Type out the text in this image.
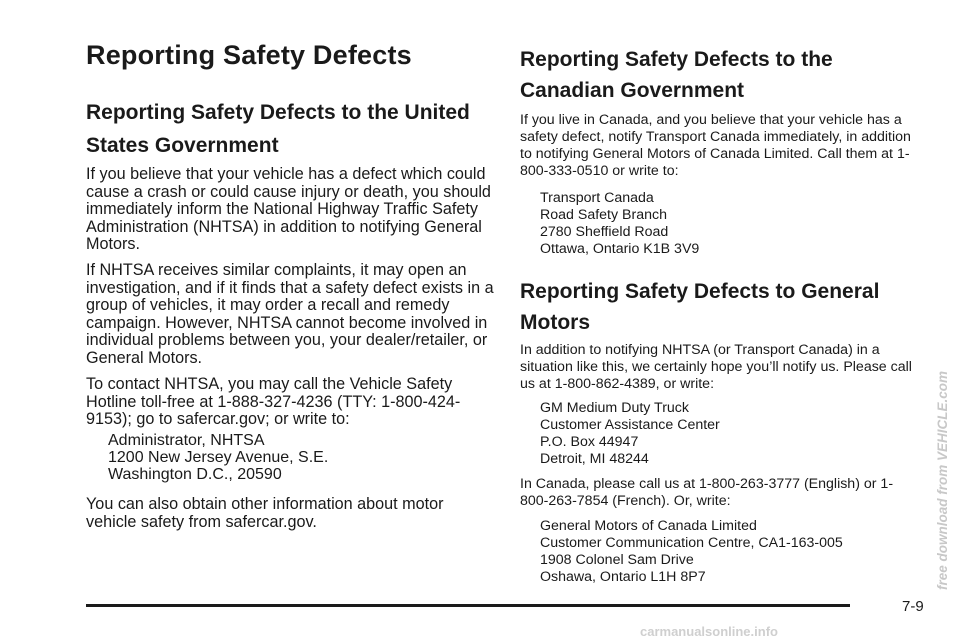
Reporting Safety Defects
Reporting Safety Defects to the United States Government

If you believe that your vehicle has a defect which could cause a crash or could cause injury or death, you should immediately inform the National Highway Traffic Safety Administration (NHTSA) in addition to notifying General Motors.

If NHTSA receives similar complaints, it may open an investigation, and if it finds that a safety defect exists in a group of vehicles, it may order a recall and remedy campaign. However, NHTSA cannot become involved in individual problems between you, your dealer/retailer, or General Motors.

To contact NHTSA, you may call the Vehicle Safety Hotline toll-free at 1-888-327-4236 (TTY: 1-800-424-9153); go to safercar.gov; or write to:

Administrator, NHTSA
1200 New Jersey Avenue, S.E.
Washington D.C., 20590

You can also obtain other information about motor vehicle safety from safercar.gov.

Reporting Safety Defects to the Canadian Government

If you live in Canada, and you believe that your vehicle has a safety defect, notify Transport Canada immediately, in addition to notifying General Motors of Canada Limited. Call them at 1-800-333-0510 or write to:

Transport Canada
Road Safety Branch
2780 Sheffield Road
Ottawa, Ontario K1B 3V9
Reporting Safety Defects to General Motors

In addition to notifying NHTSA (or Transport Canada) in a situation like this, we certainly hope you’ll notify us. Please call us at 1-800-862-4389, or write:

GM Medium Duty Truck
Customer Assistance Center
P.O. Box 44947
Detroit, MI 48244

In Canada, please call us at 1-800-263-3777 (English) or 1-800-263-7854 (French). Or, write:

General Motors of Canada Limited
Customer Communication Centre, CA1-163-005
1908 Colonel Sam Drive
Oshawa, Ontario L1H 8P7
7-9
free download from VEHICLE.com
carmanualsonline.info
